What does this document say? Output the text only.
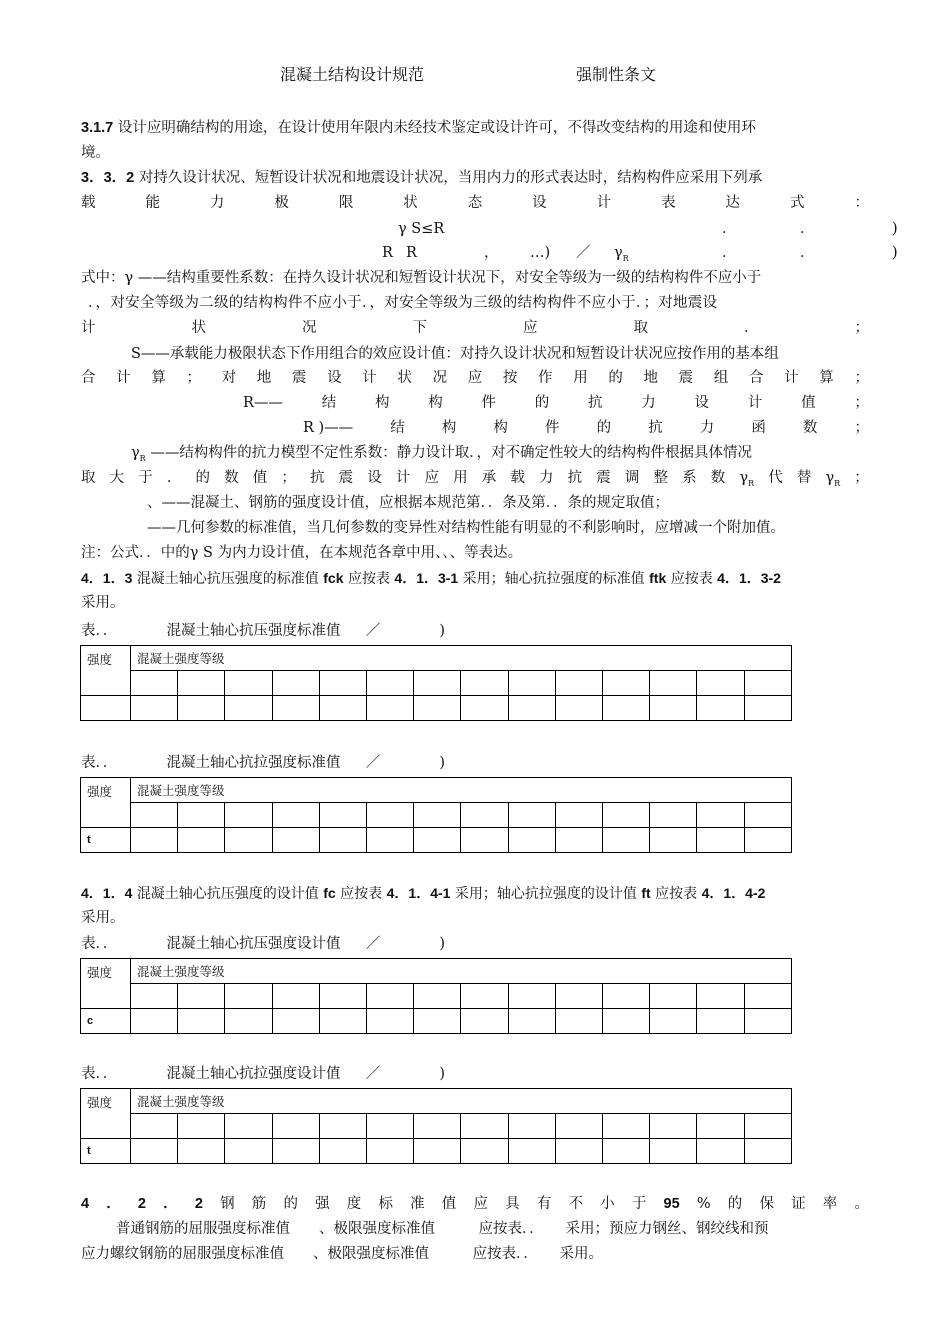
混凝土结构设计规范	强制性条文
3.1.7 设计应明确结构的用途，在设计使用年限内未经技术鉴定或设计许可，不得改变结构的用途和使用环
境。
3．3．2 对持久设计状况、短暂设计状况和地震设计状况，当用内力的形式表达时，结构构件应采用下列承
载	能	力	极	限	状	态	设	计	表	达	式	：
γ S≤R	．	．	)
R R	， …) ／ $\gamma_R$	．	．	)
式中：γ ——结构重要性系数：在持久设计状况和短暂设计状况下，对安全等级为一级的结构构件不应小于
．，对安全等级为二级的结构构件不应小于．，对安全等级为三级的结构构件不应小于．；对地震设
计	状	况	下	应	取	．	；
S——承载能力极限状态下作用组合的效应设计值：对持久设计状况和短暂设计状况应按作用的基本组
合 计 算 ； 对 地 震 设 计 状 况 应 按 作 用 的 地 震 组 合 计 算 ；
R——	结	构	构	件	的	抗	力	设	计	值	；
R )——	结	构	构	件	的	抗	力	函	数	；
$\gamma_R$ ——结构构件的抗力模型不定性系数：静力设计取．，对不确定性较大的结构构件根据具体情况
取 大 于 ． 的 数 值 ； 抗 震 设 计 应 用 承 载 力 抗 震 调 整 系 数 $\gamma_R$ 代 替 $\gamma_R$ ；
、——混凝土、钢筋的强度设计值，应根据本规范第．．条及第．．条的规定取值；
——几何参数的标准值，当几何参数的变异性对结构性能有明显的不利影响时，应增减一个附加值。
注：公式．．中的γ S 为内力设计值，在本规范各章中用、、、等表达。
4．1．3 混凝土轴心抗压强度的标准值 fck 应按表 4．1．3-1 采用；轴心抗拉强度的标准值 ftk 应按表 4．1．3-2
采用。
表．．	混凝土轴心抗压强度标准值 ／	)
强度	混凝土强度等级													

表．．	混凝土轴心抗拉强度标准值 ／	)
强度	混凝土强度等级													

t														
4．1．4 混凝土轴心抗压强度的设计值 fc 应按表 4．1．4-1 采用；轴心抗拉强度的设计值 ft 应按表 4．1．4-2
采用。
表．．	混凝土轴心抗压强度设计值 ／	)
强度	混凝土强度等级													

c														
表．．	混凝土轴心抗拉强度设计值 ／	)
强度	混凝土强度等级													

t														
4 ． 2 ． 2 钢 筋 的 强 度 标 准 值 应 具 有 不 小 于 95 % 的 保 证 率 。
普通钢筋的屈服强度标准值　　、极限强度标准值　　　应按表．．　　采用；预应力钢丝、钢绞线和预
应力螺纹钢筋的屈服强度标准值　　、极限强度标准值　　　应按表．．　　采用。
